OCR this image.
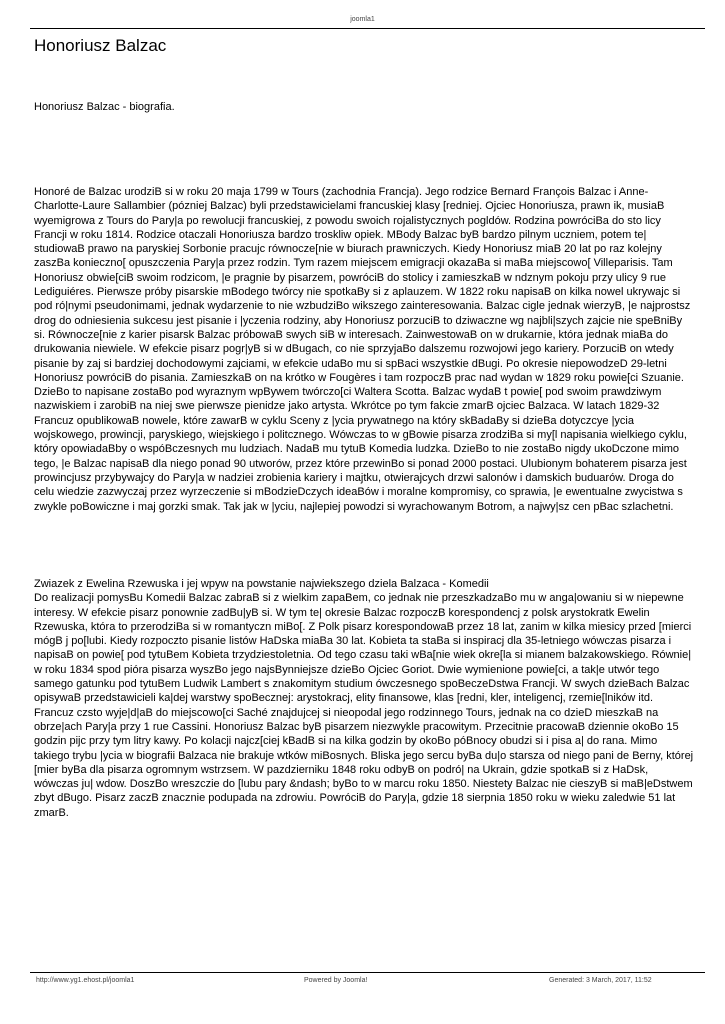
joomla1
Honoriusz Balzac
Honoriusz Balzac - biografia.

Honoré de Balzac urodziB si w roku 20 maja 1799 w Tours (zachodnia Francja). Jego rodzice Bernard François Balzac i Anne-Charlotte-Laure Sallambier (pózniej Balzac) byli przedstawicielami francuskiej klasy [redniej. Ojciec Honoriusza, prawn ik, musiaB wyemigrowa z Tours do Pary|a po rewolucji francuskiej, z powodu swoich rojalistycznych pogldów. Rodzina powróciBa do sto licy Francji w roku 1814. Rodzice otaczali Honoriusza bardzo troskliw opiek. MBody Balzac byB bardzo pilnym uczniem, potem te| studiowaB prawo na paryskiej Sorbonie pracujc równocze[nie w biurach prawniczych. Kiedy Honoriusz miaB 20 lat po raz kolejny zaszBa konieczno[ opuszczenia Pary|a przez rodzin. Tym razem miejscem emigracji okazaBa si maBa miejscowo[ Villeparisis. Tam Honoriusz obwie[ciB swoim rodzicom, |e pragnie by pisarzem, powróciB do stolicy i zamieszkaB w ndznym pokoju przy ulicy 9 rue Lediguiéres. Pierwsze próby pisarskie mBodego twórcy nie spotkaBy si z aplauzem. W 1822 roku napisaB on kilka nowel ukrywajc si pod ró|nymi pseudonimami, jednak wydarzenie to nie wzbudziBo wikszego zainteresowania. Balzac cigle jednak wierzyB, |e najprostsz drog do odniesienia sukcesu jest pisanie i |yczenia rodziny, aby Honoriusz porzuciB to dziwaczne wg najbli|szych zajcie nie speBniBy si. Równoczе[nie z karier pisarsk Balzac próbowaB swych siB w interesach. ZainwestowaB on w drukarnie, która jednak miaBa do drukowania niewiele. W efekcie pisarz pogr|yB si w dBugach, co nie sprzyjaBo dalszemu rozwojowi jego kariery. PorzuciB on wtedy pisanie by zaj si bardziej dochodowymi zajciami, w efekcie udaBo mu si spBaci wszystkie dBugi. Po okresie niepowodzeD 29-letni Honoriusz powróciB do pisania. ZamieszkaB on na krótko w Fougères i tam rozpoczB prac nad wydan w 1829 roku powie[ci Szuanie. DzieBo to napisane zostaBo pod wyraznym wpBywem twórczo[ci Waltera Scotta. Balzac wydaB t powie[ pod swoim prawdziwym nazwiskiem i zarobiB na niej swe pierwsze pienidze jako artysta. Wkrótce po tym fakcie zmarB ojciec Balzaca. W latach 1829-32 Francuz opublikowaB nowele, które zawarB w cyklu Sceny z |ycia prywatnego na który skBadaBy si dzieBa dotyczcye |ycia wojskowego, prowincji, paryskiego, wiejskiego i politcznego. Wówczas to w gBowie pisarza zrodziBa si my[l napisania wielkiego cyklu, który opowiadaBby o wspóBczesnych mu ludziach. NadaB mu tytuB Komedia ludzka. DzieBo to nie zostaBo nigdy ukoDczone mimo tego, |e Balzac napisaB dla niego ponad 90 utworów, przez które przewinBo si ponad 2000 postaci. Ulubionym bohaterem pisarza jest prowincjusz przybywajcy do Pary|a w nadziei zrobienia kariery i majtku, otwierajcych drzwi salonów i damskich buduarów. Droga do celu wiedzie zazwyczaj przez wyrzeczenie si mBodzieDczych ideaBów i moralne kompromisy, co sprawia, |e ewentualne zwycistwa s zwykle poBowiczne i maj gorzki smak. Tak jak w |yciu, najlepiej powodzi si wyrachowanym Botrom, a najwy|sz cen pBac szlachetni.

Zwiazek z Ewelina Rzewuska i jej wpyw na powstanie najwiekszego dziela Balzaca - Komedii
Do realizacji pomysBu Komedii Balzac zabraB si z wielkim zapaBem, co jednak nie przeszkadzaBo mu w anga|owaniu si w niepewne interesy. W efekcie pisarz ponownie zadBu|yB si. W tym te| okresie Balzac rozpoczB korespondencj z polsk arystokratk Ewelin Rzewuska, która to przerodziBa si w romantyczn miBo[. Z Polk pisarz korespondowaB przez 18 lat, zanim w kilka miesicy przed [mierci mógB j po[lubi. Kiedy rozpoczto pisanie listów HaDska miaBa 30 lat. Kobieta ta staBa si inspiracj dla 35-letniego wówczas pisarza i napisaB on powie[ pod tytuBem Kobieta trzydziestoletnia. Od tego czasu taki wBa[nie wiek okre[la si mianem balzakowskiego. Równie| w roku 1834 spod pióra pisarza wyszBo jego najsBynniejsze dzieBo Ojciec Goriot. Dwie wymienione powie[ci, a tak|e utwór tego samego gatunku pod tytuBem Ludwik Lambert s znakomitym studium ówczesnego spoBeczeDstwa Francji. W swych dzieBach Balzac opisywaB przedstawicieli ka|dej warstwy spoBecznej: arystokracj, elity finansowe, klas [redni, kler, inteligencj, rzemie[lników itd. Francuz czsto wyje|d|aB do miejscowo[ci Saché znajdujcej si nieopodal jego rodzinnego Tours, jednak na co dzieD mieszkaB na obrze|ach Pary|a przy 1 rue Cassini. Honoriusz Balzac byB pisarzem niezwykle pracowitym. Przecitnie pracowaB dziennie okoBo 15 godzin pijc przy tym litry kawy. Po kolacji najcz[ciej kBadB si na kilka godzin by okoBo póBnocy obudzi si i pisa a| do rana. Mimo takiego trybu |ycia w biografii Balzaca nie brakuje wtków miBosnych. Bliska jego sercu byBa du|o starsza od niego pani de Berny, której [mier byBa dla pisarza ogromnym wstrzsem. W pazdzierniku 1848 roku odbyB on podró| na Ukrain, gdzie spotkaB si z HaDsk, wówczas ju| wdow. DoszBo wreszczie do [lubu pary &ndash; byBo to w marcu roku 1850. Niestety Balzac nie cieszyB si maB|eDstwem zbyt dBugo. Pisarz zaczB znacznie podupada na zdrowiu. PowróciB do Pary|a, gdzie 18 sierpnia 1850 roku w wieku zaledwie 51 lat zmarB.

http://www.yg1.ehost.pl/joomla1	Powered by Joomla!	Generated: 3 March, 2017, 11:52
